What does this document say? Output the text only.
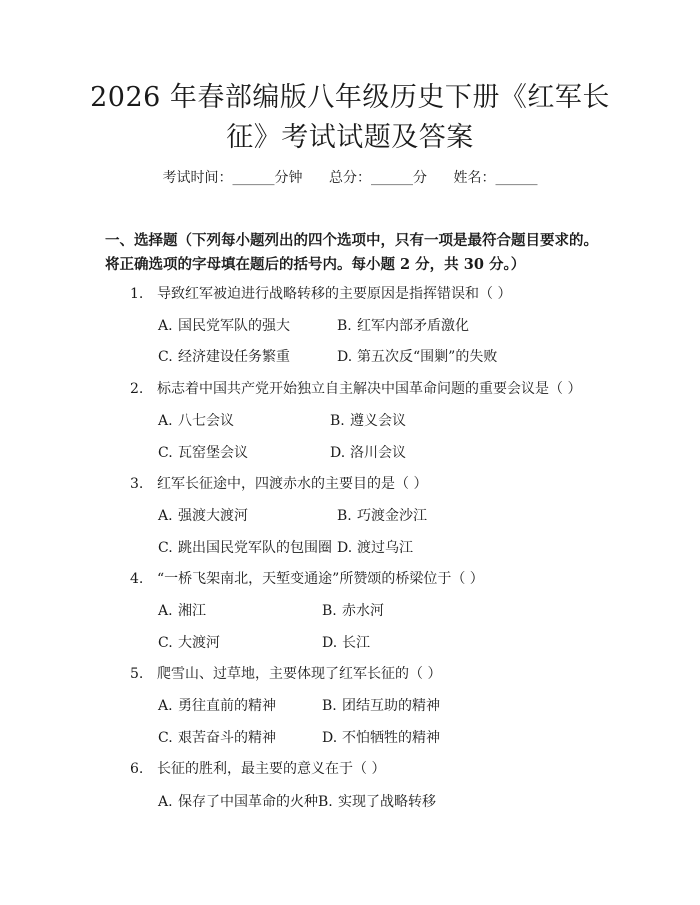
2026 年春部编版八年级历史下册《红军长
征》考试试题及答案
考试时间：______分钟 总分：______分 姓名：______

一、选择题（下列每小题列出的四个选项中，只有一项是最符合题目要求的。将正确选项的字母填在题后的括号内。每小题 2 分，共 30 分。）

1. 导致红军被迫进行战略转移的主要原因是指挥错误和（ ）
A. 国民党军队的强大	B. 红军内部矛盾激化
C. 经济建设任务繁重	D. 第五次反“围剿”的失败
2. 标志着中国共产党开始独立自主解决中国革命问题的重要会议是（ ）
A. 八七会议	B. 遵义会议
C. 瓦窑堡会议	D. 洛川会议
3. 红军长征途中，四渡赤水的主要目的是（ ）
A. 强渡大渡河	B. 巧渡金沙江
C. 跳出国民党军队的包围圈 D. 渡过乌江
4. “一桥飞架南北，天堑变通途”所赞颂的桥梁位于（ ）
A. 湘江	B. 赤水河
C. 大渡河	D. 长江
5. 爬雪山、过草地，主要体现了红军长征的（ ）
A. 勇往直前的精神	B. 团结互助的精神
C. 艰苦奋斗的精神	D. 不怕牺牲的精神
6. 长征的胜利，最主要的意义在于（ ）
A. 保存了中国革命的火种 B. 实现了战略转移
